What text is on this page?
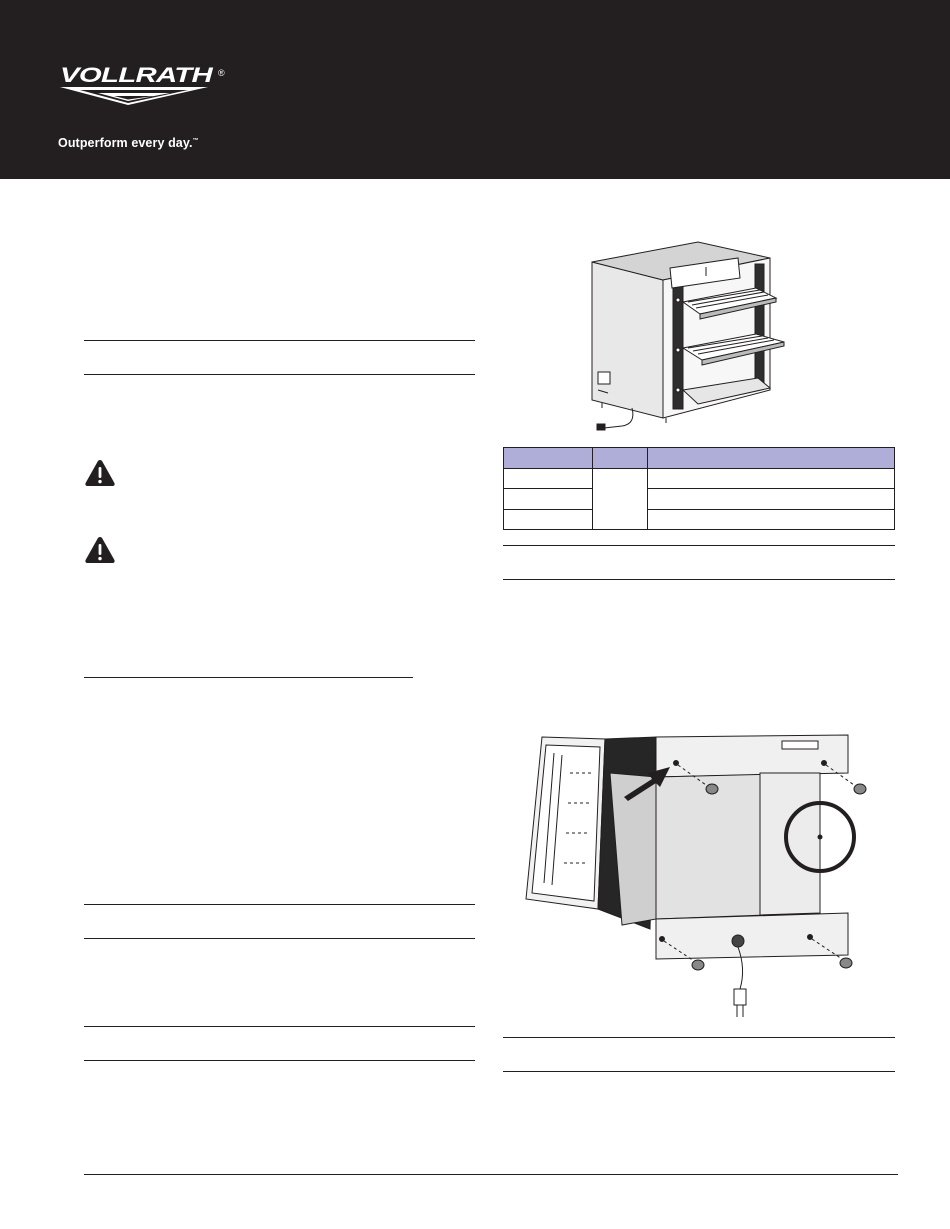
VOLLRATH ®
Outperform every day.™
